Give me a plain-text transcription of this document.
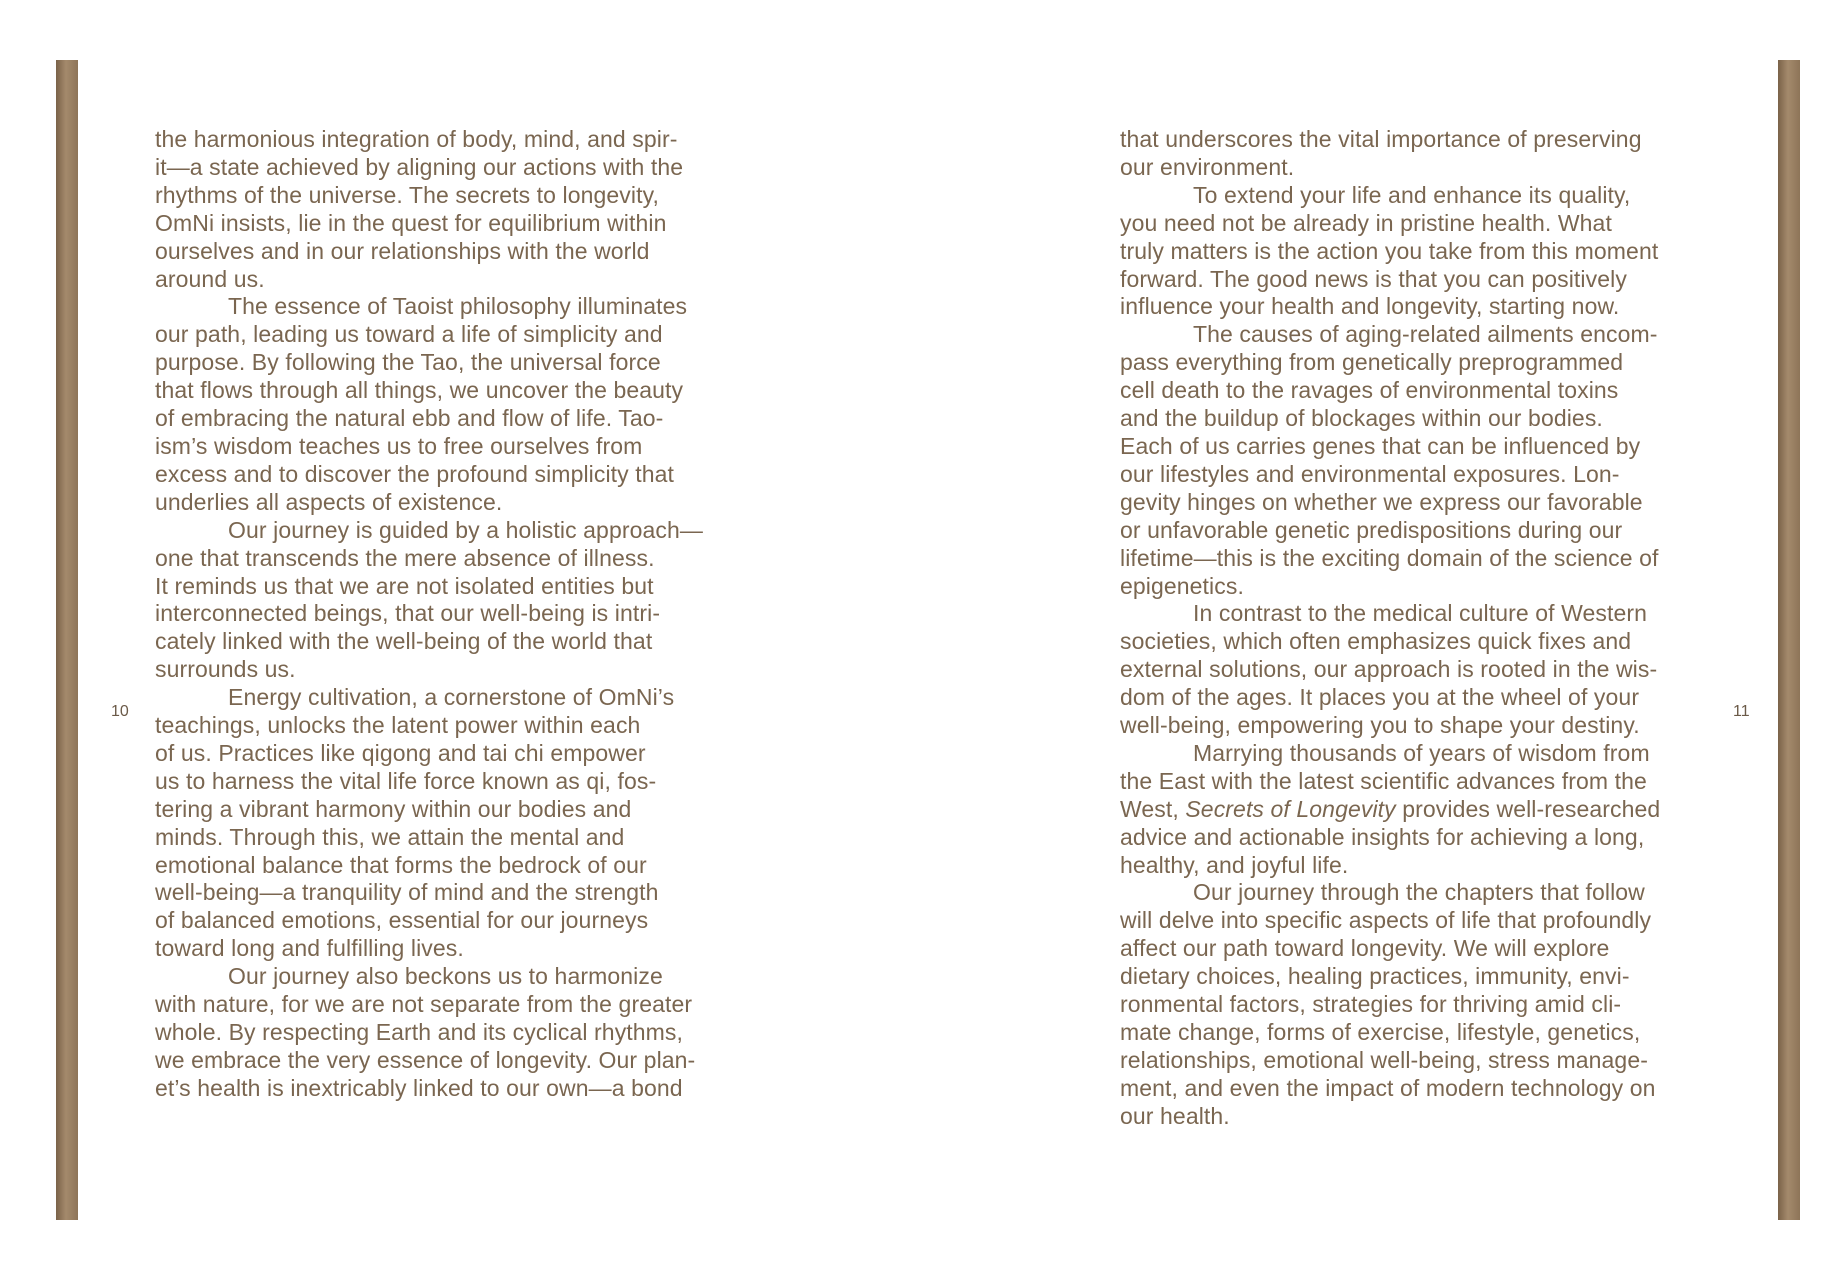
10	11

the harmonious integration of body, mind, and spir-
it—a state achieved by aligning our actions with the
rhythms of the universe. The secrets to longevity,
OmNi insists, lie in the quest for equilibrium within
ourselves and in our relationships with the world
around us.

The essence of Taoist philosophy illuminates
our path, leading us toward a life of simplicity and
purpose. By following the Tao, the universal force
that flows through all things, we uncover the beauty
of embracing the natural ebb and flow of life. Tao-
ism’s wisdom teaches us to free ourselves from
excess and to discover the profound simplicity that
underlies all aspects of existence.

Our journey is guided by a holistic approach—
one that transcends the mere absence of illness.
It reminds us that we are not isolated entities but
interconnected beings, that our well-being is intri-
cately linked with the well-being of the world that
surrounds us.

Energy cultivation, a cornerstone of OmNi’s
teachings, unlocks the latent power within each
of us. Practices like qigong and tai chi empower
us to harness the vital life force known as qi, fos-
tering a vibrant harmony within our bodies and
minds. Through this, we attain the mental and
emotional balance that forms the bedrock of our
well-being—a tranquility of mind and the strength
of balanced emotions, essential for our journeys
toward long and fulfilling lives.

Our journey also beckons us to harmonize
with nature, for we are not separate from the greater
whole. By respecting Earth and its cyclical rhythms,
we embrace the very essence of longevity. Our plan-
et’s health is inextricably linked to our own—a bond

that underscores the vital importance of preserving
our environment.

To extend your life and enhance its quality,
you need not be already in pristine health. What
truly matters is the action you take from this moment
forward. The good news is that you can positively
influence your health and longevity, starting now.

The causes of aging-related ailments encom-
pass everything from genetically preprogrammed
cell death to the ravages of environmental toxins
and the buildup of blockages within our bodies.
Each of us carries genes that can be influenced by
our lifestyles and environmental exposures. Lon-
gevity hinges on whether we express our favorable
or unfavorable genetic predispositions during our
lifetime—this is the exciting domain of the science of
epigenetics.

In contrast to the medical culture of Western
societies, which often emphasizes quick fixes and
external solutions, our approach is rooted in the wis-
dom of the ages. It places you at the wheel of your
well-being, empowering you to shape your destiny.

Marrying thousands of years of wisdom from
the East with the latest scientific advances from the
West, Secrets of Longevity provides well-researched
advice and actionable insights for achieving a long,
healthy, and joyful life.

Our journey through the chapters that follow
will delve into specific aspects of life that profoundly
affect our path toward longevity. We will explore
dietary choices, healing practices, immunity, envi-
ronmental factors, strategies for thriving amid cli-
mate change, forms of exercise, lifestyle, genetics,
relationships, emotional well-being, stress manage-
ment, and even the impact of modern technology on
our health.
